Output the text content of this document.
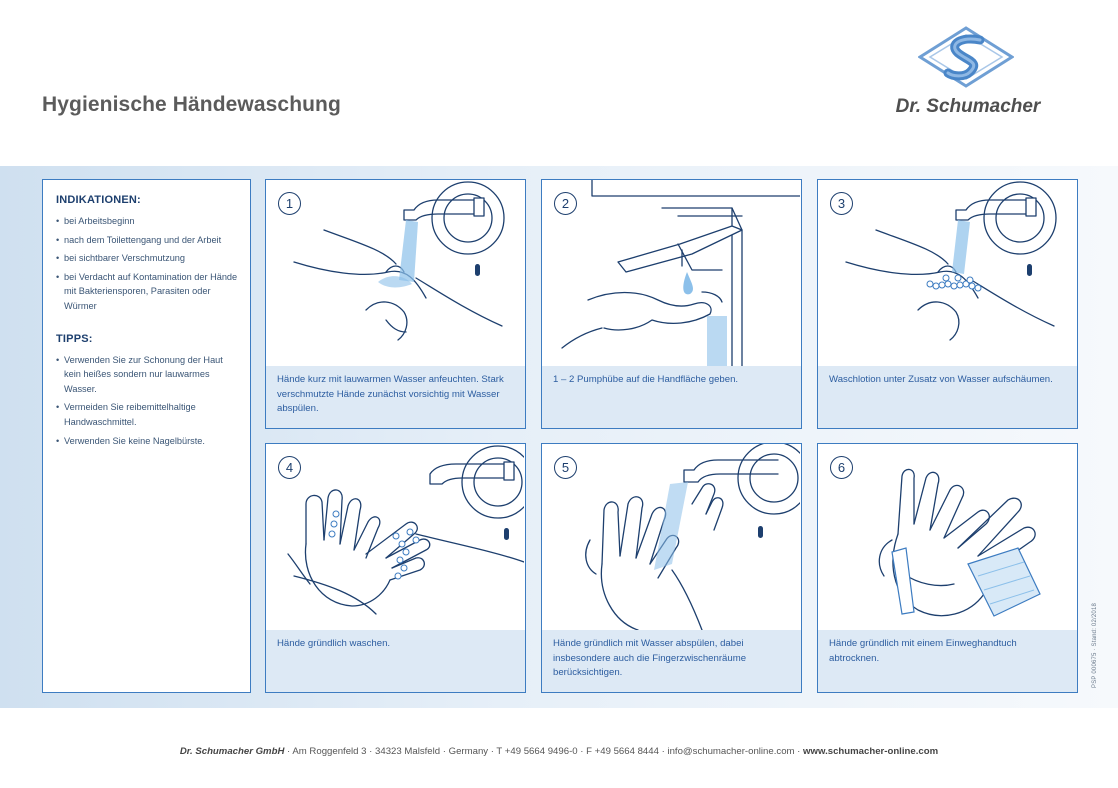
Hygienische Händewaschung	Dr. Schumacher
INDIKATIONEN:
• bei Arbeitsbeginn
• nach dem Toilettengang und der Arbeit
• bei sichtbarer Verschmutzung
• bei Verdacht auf Kontamination der Hände mit Bakteriensporen, Parasiten oder Würmer
TIPPS:
• Verwenden Sie zur Schonung der Haut kein heißes sondern nur lauwarmes Wasser.
• Vermeiden Sie reibemittelhaltige Handwaschmittel.
• Verwenden Sie keine Nagelbürste.
1
Hände kurz mit lauwarmen Wasser anfeuchten. Stark verschmutzte Hände zunächst vorsichtig mit Wasser abspülen.
2
1 – 2 Pumphübe auf die Handfläche geben.
3
Waschlotion unter Zusatz von Wasser aufschäumen.
4
Hände gründlich waschen.
5
Hände gründlich mit Wasser abspülen, dabei insbesondere auch die Fingerzwischenräume berücksichtigen.
6
Hände gründlich mit einem Einweghandtuch abtrocknen.	PSP 000675 · Stand: 02/2018
Dr. Schumacher GmbH · Am Roggenfeld 3 · 34323 Malsfeld · Germany · T +49 5664 9496-0 · F +49 5664 8444 · info@schumacher-online.com · www.schumacher-online.com
